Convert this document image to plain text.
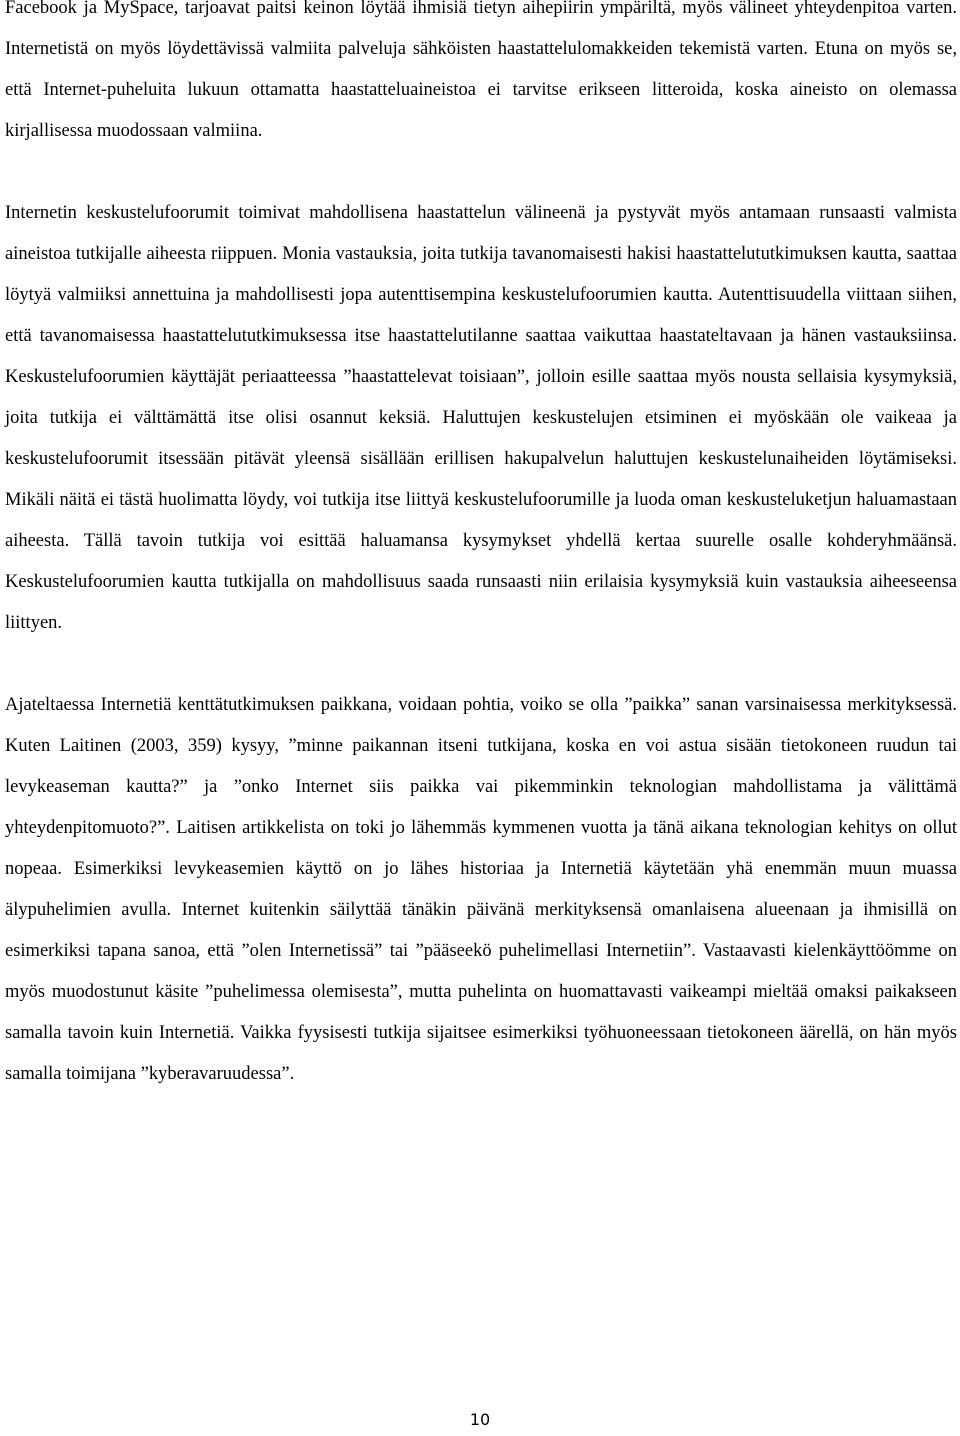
Facebook ja MySpace, tarjoavat paitsi keinon löytää ihmisiä tietyn aihepiirin ympäriltä, myös välineet yhteydenpitoa varten. Internetistä on myös löydettävissä valmiita palveluja sähköisten haastattelulomakkeiden tekemistä varten. Etuna on myös se, että Internet-puheluita lukuun ottamatta haastatteluaineistoa ei tarvitse erikseen litteroida, koska aineisto on olemassa kirjallisessa muodossaan valmiina.

Internetin keskustelufoorumit toimivat mahdollisena haastattelun välineenä ja pystyvät myös antamaan runsaasti valmista aineistoa tutkijalle aiheesta riippuen. Monia vastauksia, joita tutkija tavanomaisesti hakisi haastattelututkimuksen kautta, saattaa löytyä valmiiksi annettuina ja mahdollisesti jopa autenttisempina keskustelufoorumien kautta. Autenttisuudella viittaan siihen, että tavanomaisessa haastattelututkimuksessa itse haastattelutilanne saattaa vaikuttaa haastateltavaan ja hänen vastauksiinsa. Keskustelufoorumien käyttäjät periaatteessa ”haastattelevat toisiaan”, jolloin esille saattaa myös nousta sellaisia kysymyksiä, joita tutkija ei välttämättä itse olisi osannut keksiä. Haluttujen keskustelujen etsiminen ei myöskään ole vaikeaa ja keskustelufoorumit itsessään pitävät yleensä sisällään erillisen hakupalvelun haluttujen keskustelunaiheiden löytämiseksi. Mikäli näitä ei tästä huolimatta löydy, voi tutkija itse liittyä keskustelufoorumille ja luoda oman keskusteluketjun haluamastaan aiheesta. Tällä tavoin tutkija voi esittää haluamansa kysymykset yhdellä kertaa suurelle osalle kohderyhmäänsä. Keskustelufoorumien kautta tutkijalla on mahdollisuus saada runsaasti niin erilaisia kysymyksiä kuin vastauksia aiheeseensa liittyen.

Ajateltaessa Internetiä kenttätutkimuksen paikkana, voidaan pohtia, voiko se olla ”paikka” sanan varsinaisessa merkityksessä. Kuten Laitinen (2003, 359) kysyy, ”minne paikannan itseni tutkijana, koska en voi astua sisään tietokoneen ruudun tai levykeaseman kautta?” ja ”onko Internet siis paikka vai pikemminkin teknologian mahdollistama ja välittämä yhteydenpitomuoto?”. Laitisen artikkelista on toki jo lähemmäs kymmenen vuotta ja tänä aikana teknologian kehitys on ollut nopeaa. Esimerkiksi levykeasemien käyttö on jo lähes historiaa ja Internetiä käytetään yhä enemmän muun muassa älypuhelimien avulla. Internet kuitenkin säilyttää tänäkin päivänä merkityksensä omanlaisena alueenaan ja ihmisillä on esimerkiksi tapana sanoa, että ”olen Internetissä” tai ”pääseekö puhelimellasi Internetiin”. Vastaavasti kielenkäyttöömme on myös muodostunut käsite ”puhelimessa olemisesta”, mutta puhelinta on huomattavasti vaikeampi mieltää omaksi paikakseen samalla tavoin kuin Internetiä. Vaikka fyysisesti tutkija sijaitsee esimerkiksi työhuoneessaan tietokoneen äärellä, on hän myös samalla toimijana ”kyberavaruudessa”.

10
